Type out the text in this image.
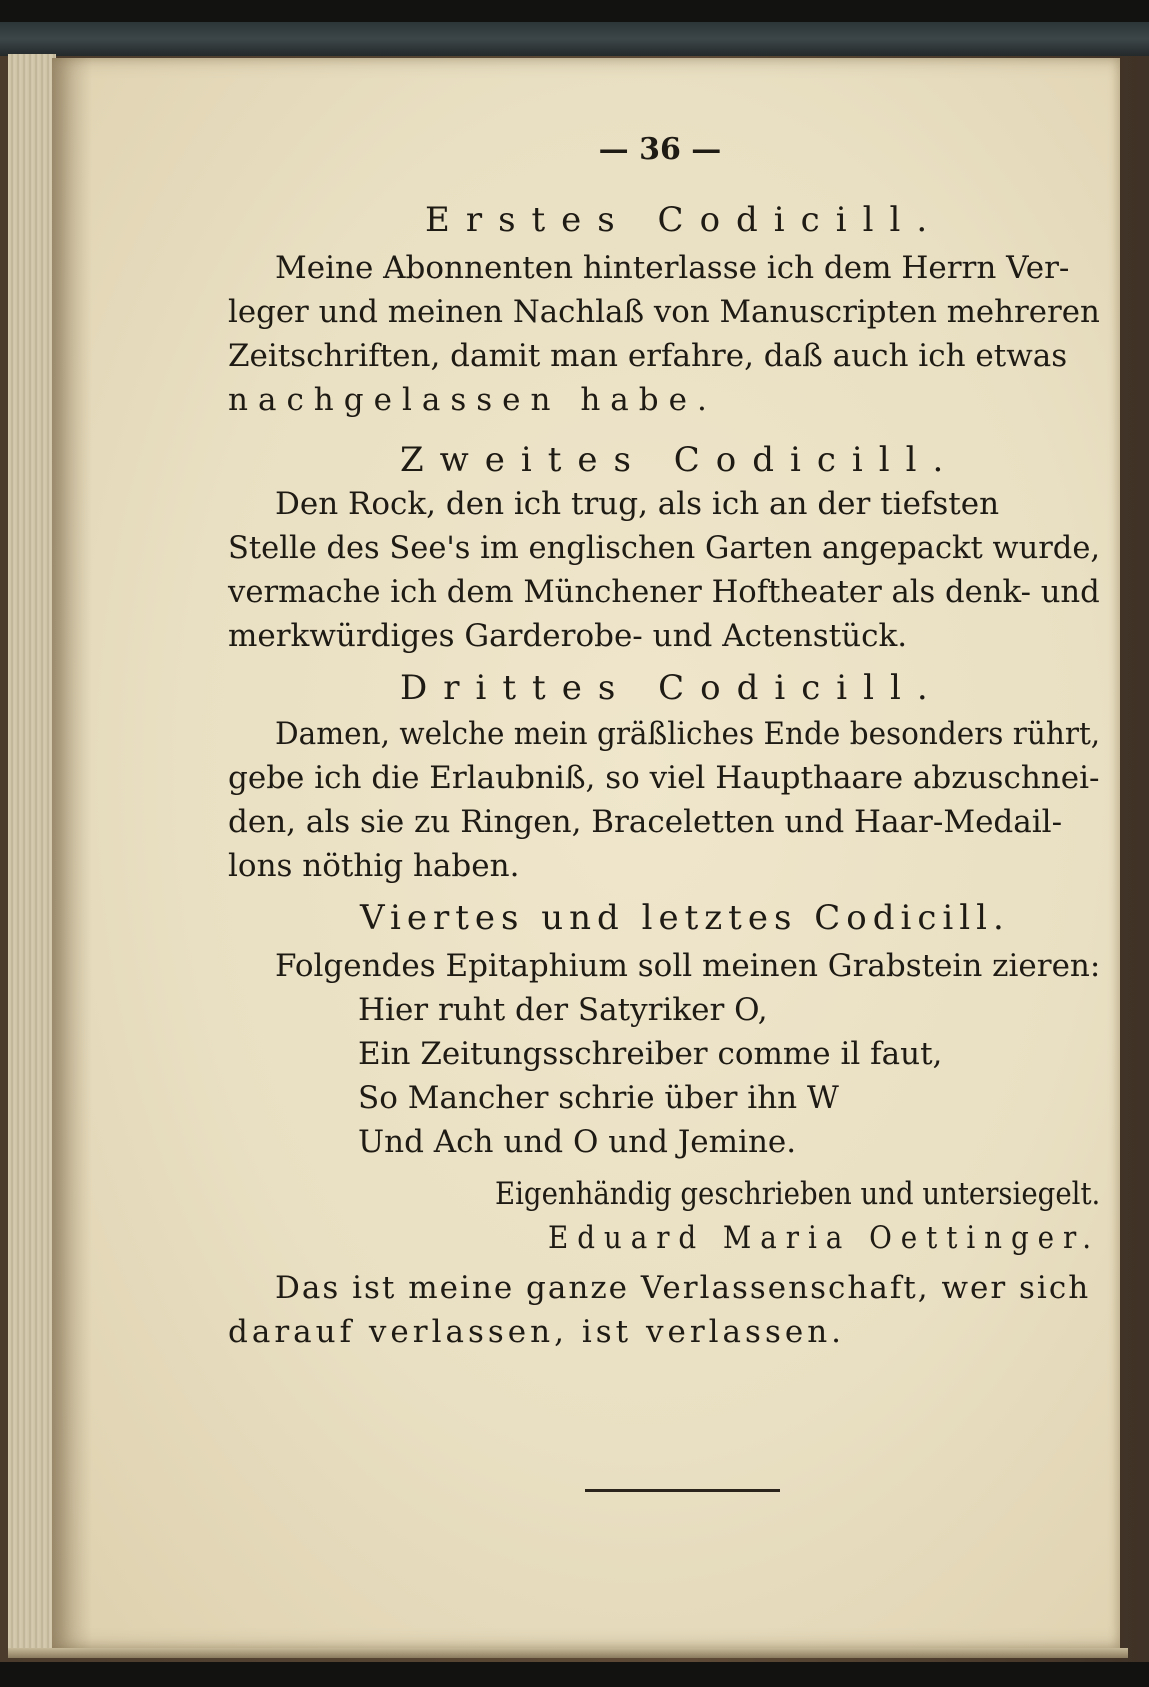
— 36 —
Erstes Codicill.
Meine Abonnenten hinterlasse ich dem Herrn Ver-
leger und meinen Nachlaß von Manuscripten mehreren
Zeitschriften, damit man erfahre, daß auch ich etwas
nachgelassen habe.
Zweites Codicill.
Den Rock, den ich trug, als ich an der tiefsten
Stelle des See's im englischen Garten angepackt wurde,
vermache ich dem Münchener Hoftheater als denk- und
merkwürdiges Garderobe- und Actenstück.
Drittes Codicill.
Damen, welche mein gräßliches Ende besonders rührt,
gebe ich die Erlaubniß, so viel Haupthaare abzuschnei-
den, als sie zu Ringen, Braceletten und Haar-Medail-
lons nöthig haben.
Viertes und letztes Codicill.
Folgendes Epitaphium soll meinen Grabstein zieren:
Hier ruht der Satyriker O,
Ein Zeitungsschreiber comme il faut,
So Mancher schrie über ihn W
Und Ach und O und Jemine.
Eigenhändig geschrieben und untersiegelt.
Eduard Maria Oettinger.
Das ist meine ganze Verlassenschaft, wer sich
darauf verlassen, ist verlassen.
